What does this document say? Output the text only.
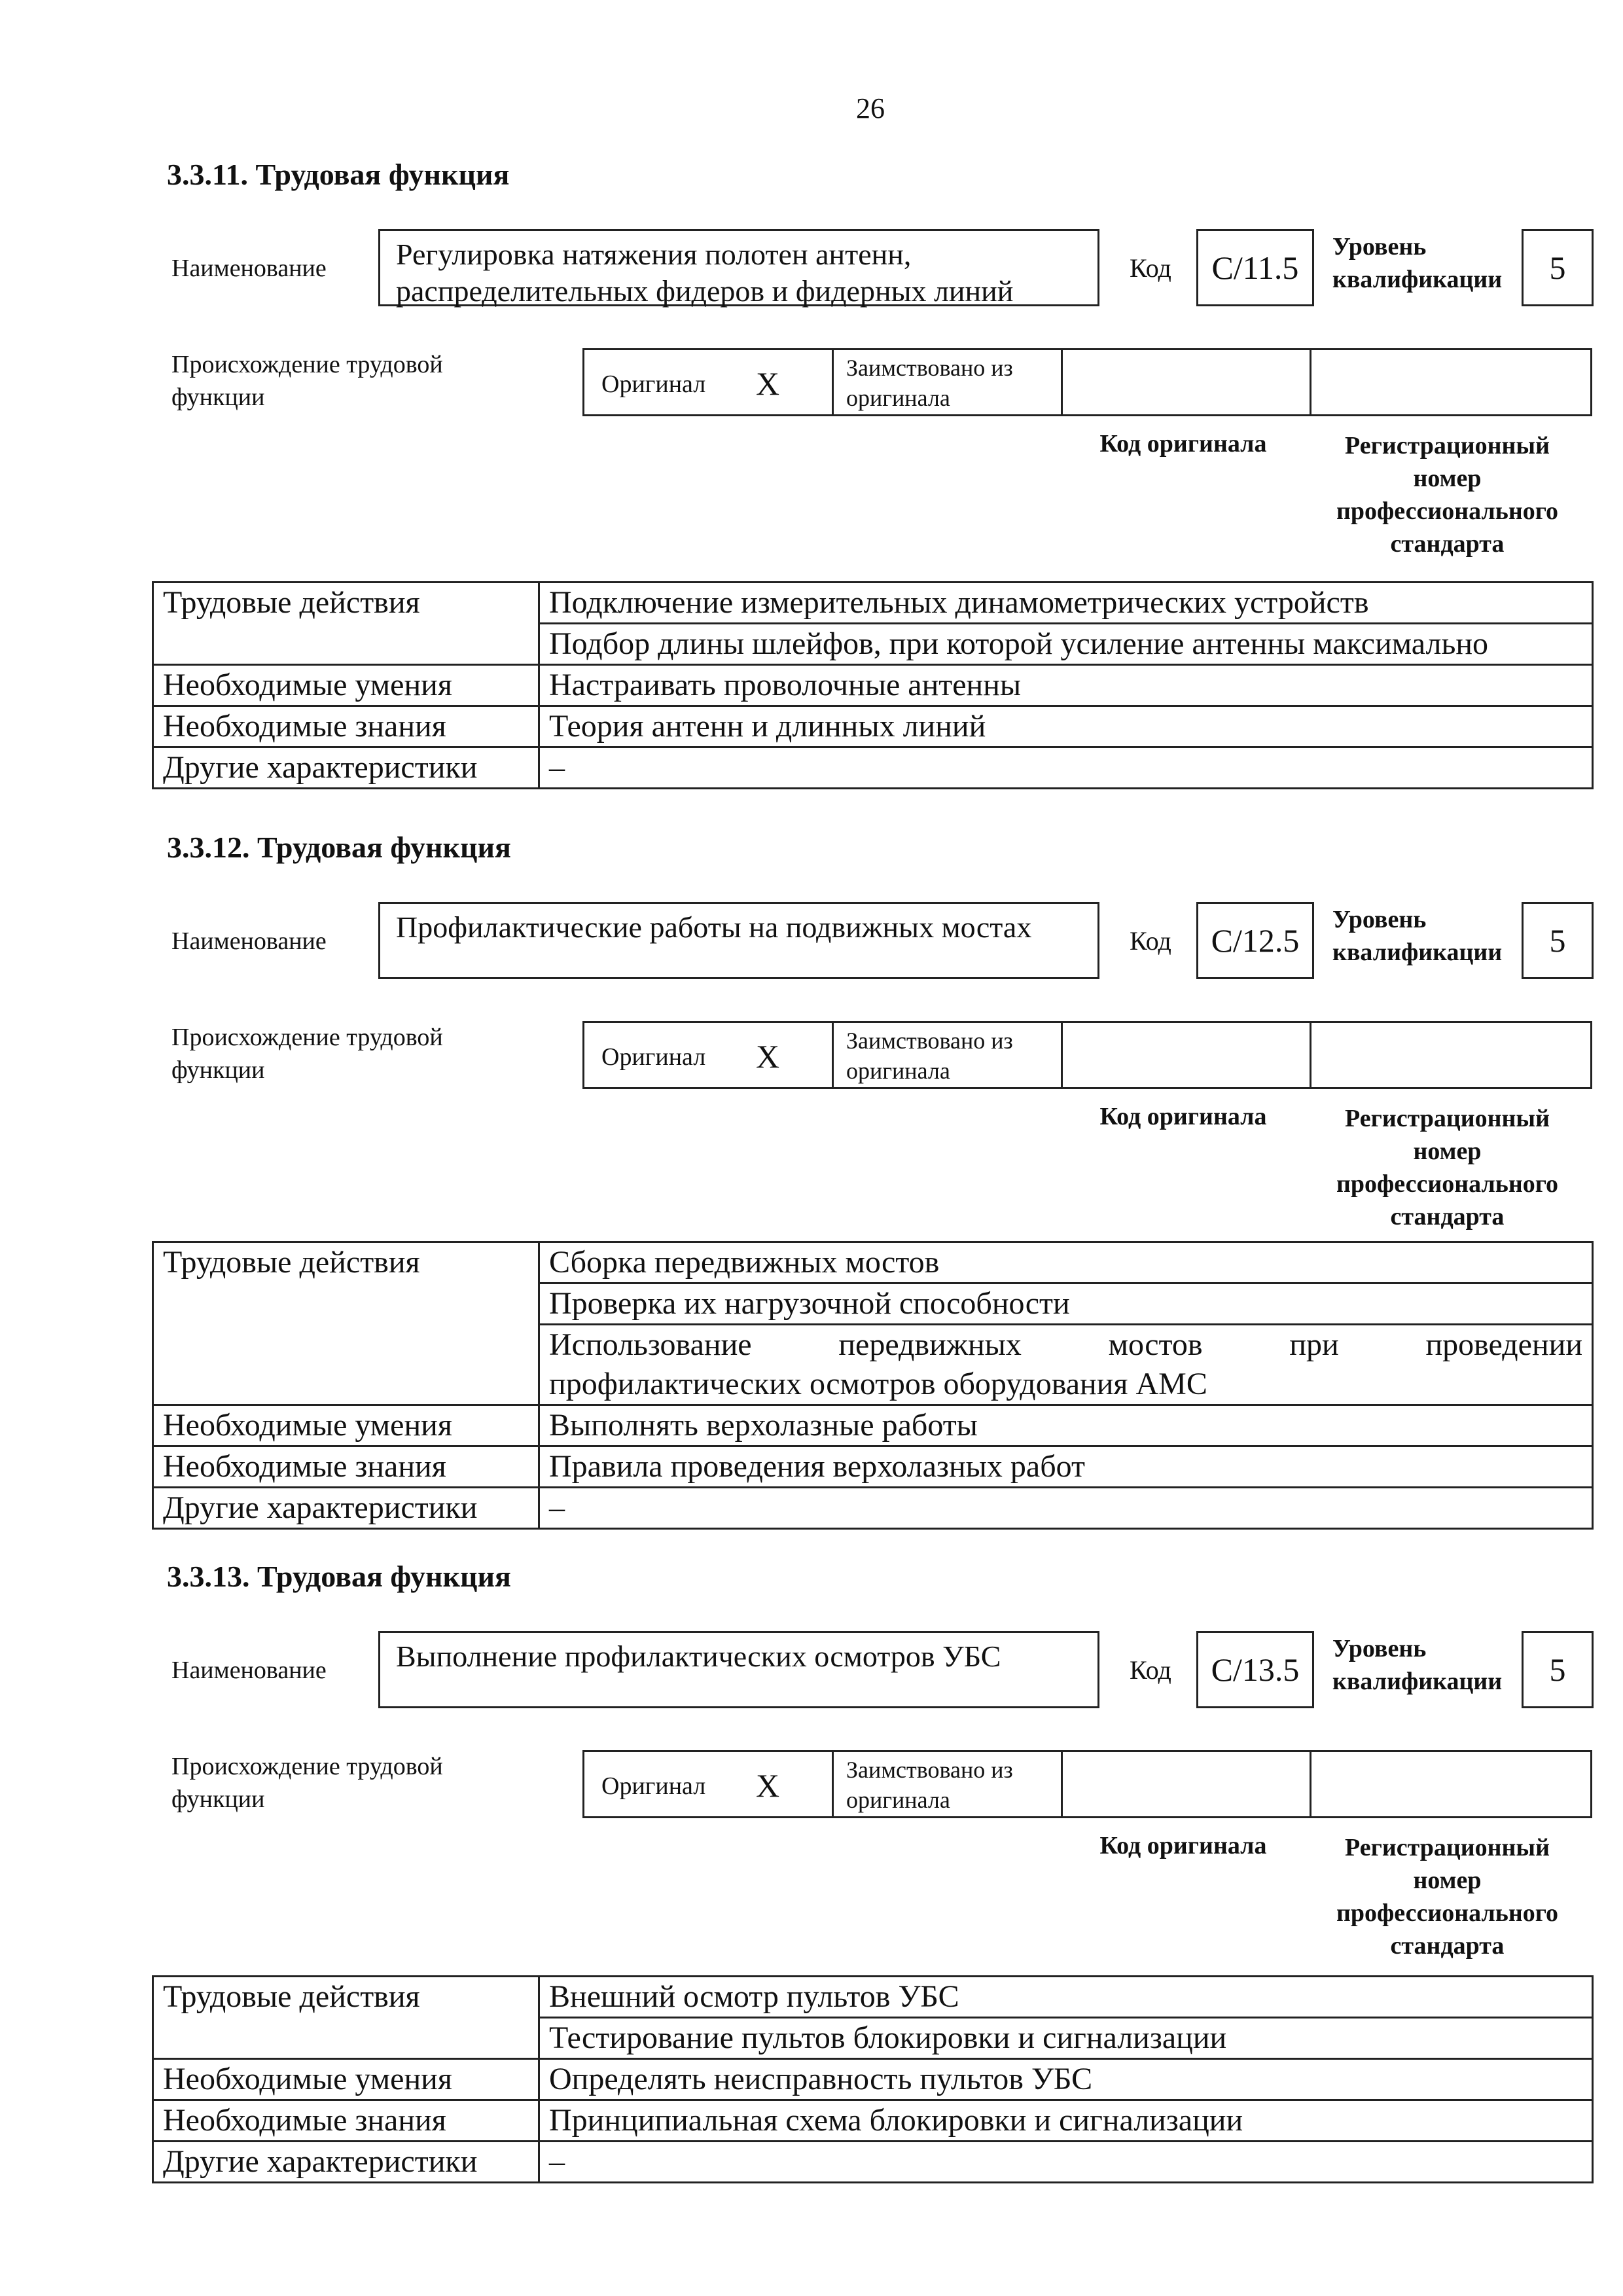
26
3.3.11. Трудовая функция
Наименование Регулировка натяжения полотен антенн,
распределительных фидеров и фидерных линий
Код	C/11.5
Уровень
квалификации	5
Происхождение трудовой функции	Оригинал X	Заимствовано из
оригинала
Код оригинала	Регистрационный
номер
профессионального
стандарта
Трудовые действия	Подключение измерительных динамометрических устройств
	Подбор длины шлейфов, при которой усиление антенны максимально
Необходимые умения	Настраивать проволочные антенны
Необходимые знания	Теория антенн и длинных линий
Другие характеристики	–
3.3.12. Трудовая функция
Наименование Профилактические работы на подвижных мостах	Код	C/12.5
Уровень
квалификации	5
Происхождение трудовой функции	Оригинал X	Заимствовано из
оригинала
Код оригинала	Регистрационный
номер
профессионального
стандарта
Трудовые действия	Сборка передвижных мостов
	Проверка их нагрузочной способности

	Использование передвижных мостов при проведении
профилактических осмотров оборудования АМС

Необходимые умения	Выполнять верхолазные работы
Необходимые знания	Правила проведения верхолазных работ
Другие характеристики	–
3.3.13. Трудовая функция
Наименование Выполнение профилактических осмотров УБС	Код	C/13.5
Уровень
квалификации	5
Происхождение трудовой функции	Оригинал X	Заимствовано из
оригинала
Код оригинала	Регистрационный
номер
профессионального
стандарта
Трудовые действия	Внешний осмотр пультов УБС
	Тестирование пультов блокировки и сигнализации
Необходимые умения	Определять неисправность пультов УБС
Необходимые знания	Принципиальная схема блокировки и сигнализации
Другие характеристики	–
